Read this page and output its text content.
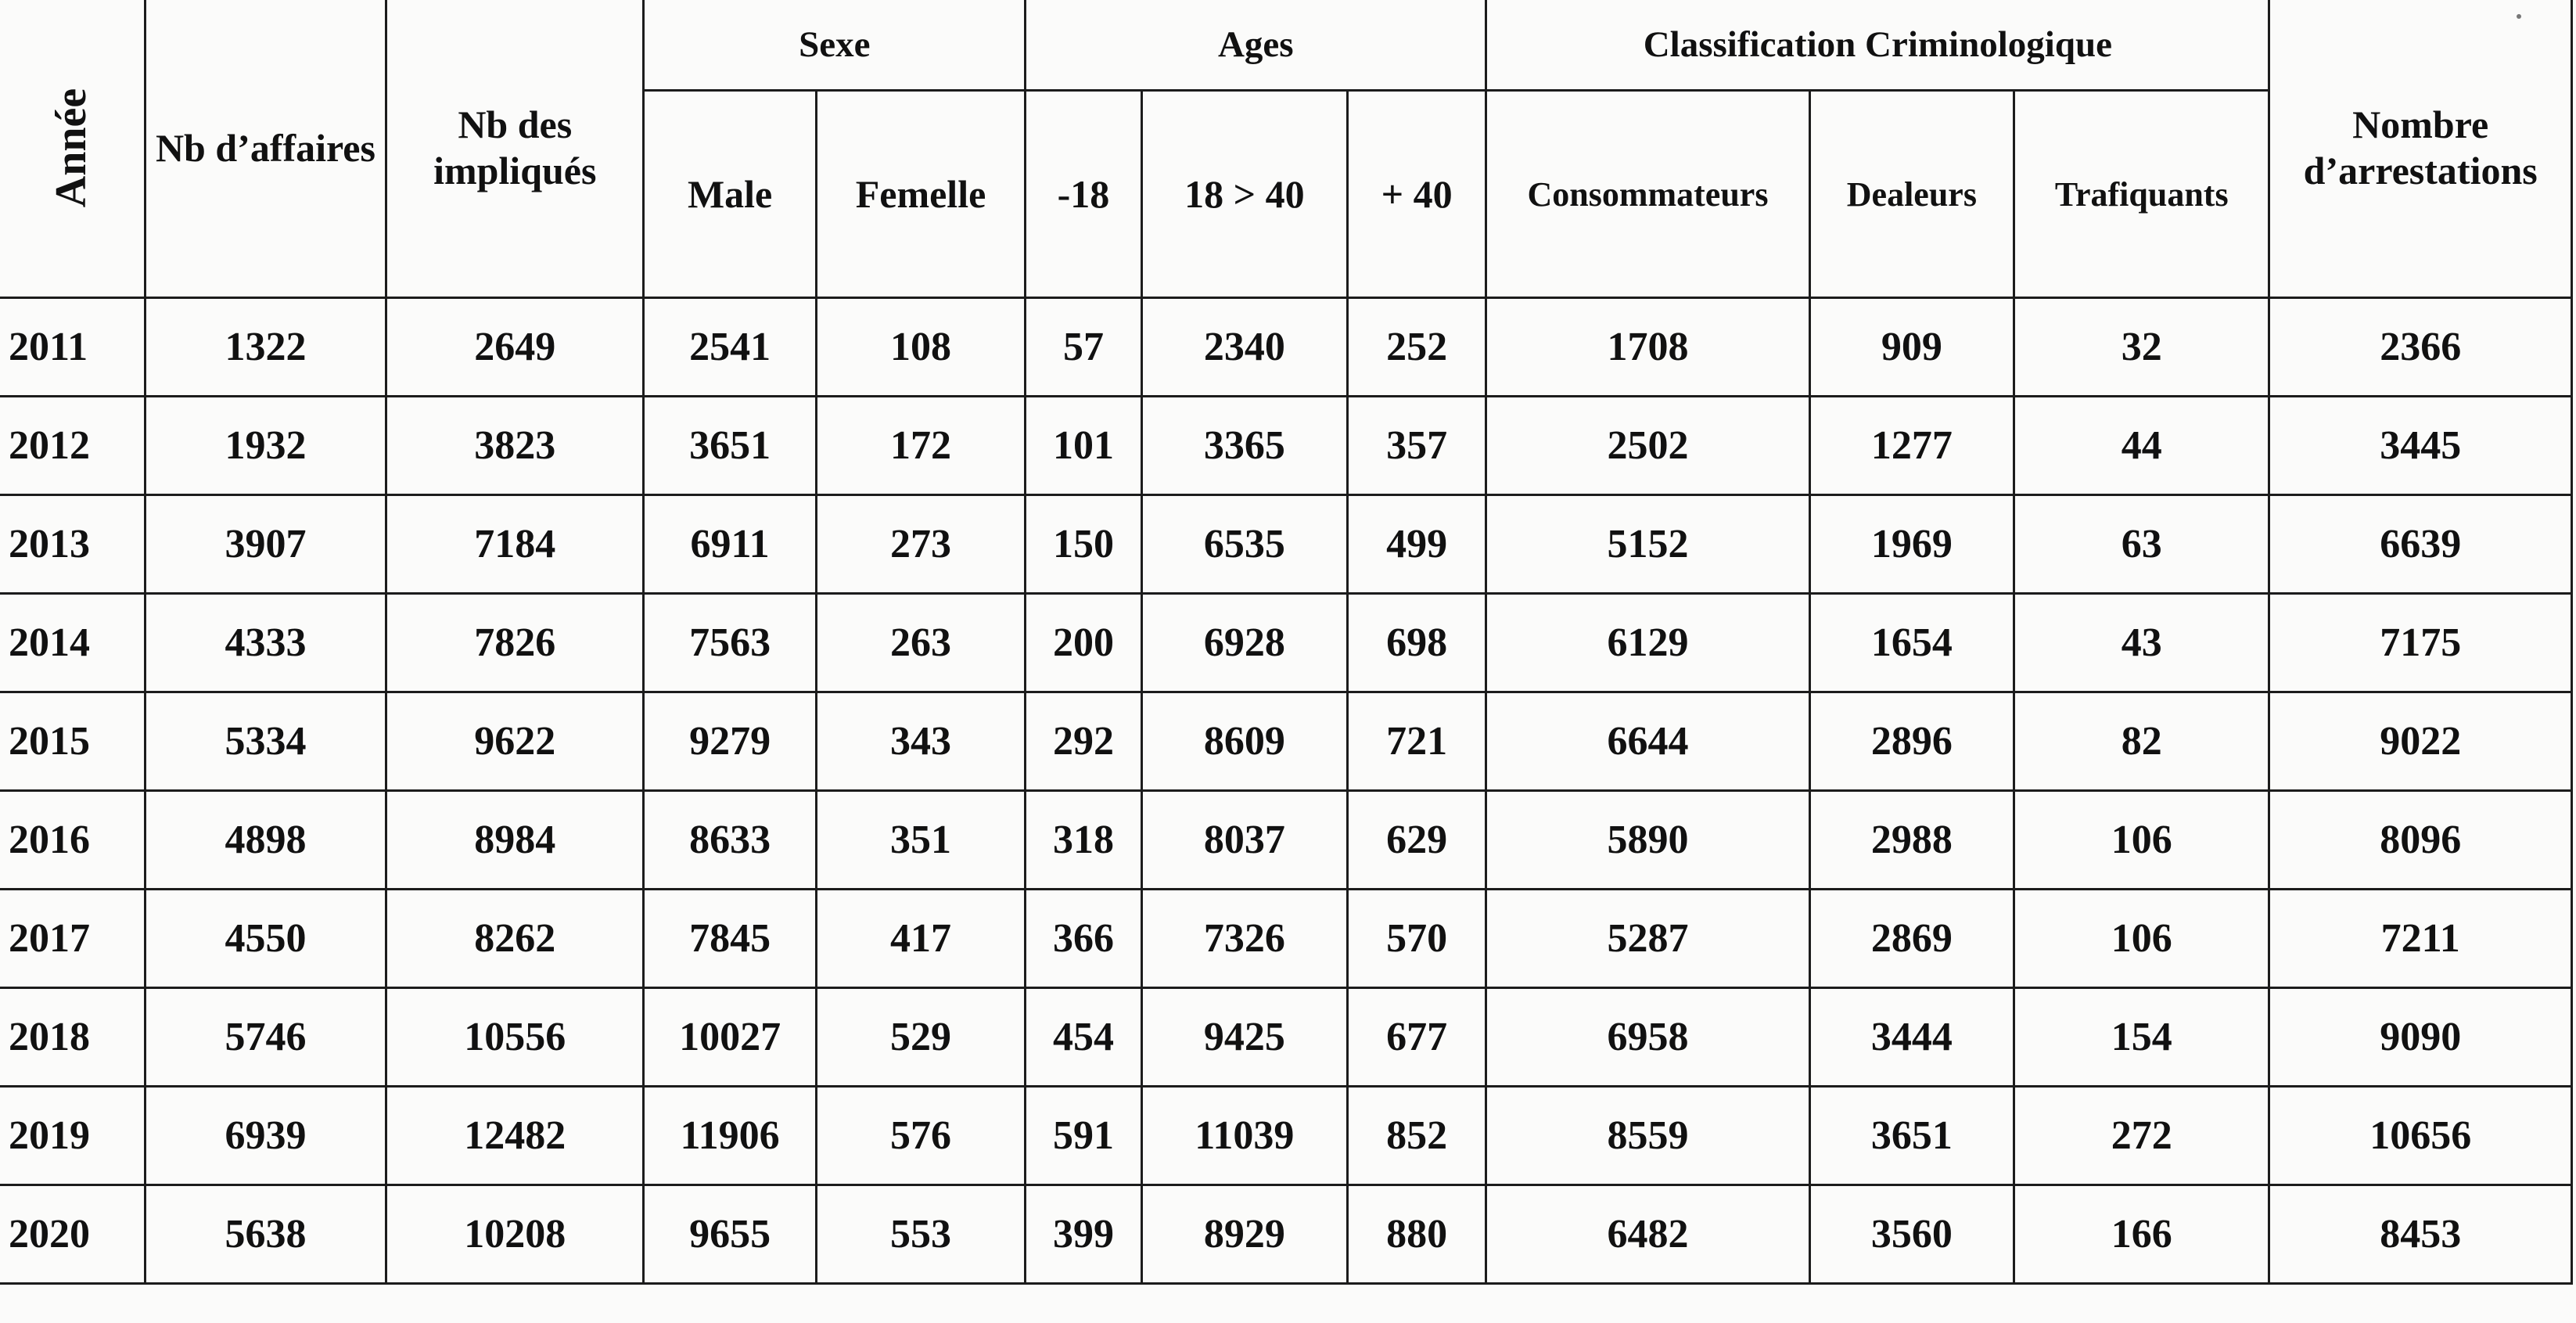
Année	Nb d’affaires	Nb des impliqués	Sexe		Ages			Classification Criminologique			Nombre d’arrestations
			Male	Femelle	-18	18 > 40	+ 40	Consommateurs	Dealeurs	Trafiquants	
2011	1322	2649	2541	108	57	2340	252	1708	909	32	2366
2012	1932	3823	3651	172	101	3365	357	2502	1277	44	3445
2013	3907	7184	6911	273	150	6535	499	5152	1969	63	6639
2014	4333	7826	7563	263	200	6928	698	6129	1654	43	7175
2015	5334	9622	9279	343	292	8609	721	6644	2896	82	9022
2016	4898	8984	8633	351	318	8037	629	5890	2988	106	8096
2017	4550	8262	7845	417	366	7326	570	5287	2869	106	7211
2018	5746	10556	10027	529	454	9425	677	6958	3444	154	9090
2019	6939	12482	11906	576	591	11039	852	8559	3651	272	10656
2020	5638	10208	9655	553	399	8929	880	6482	3560	166	8453
